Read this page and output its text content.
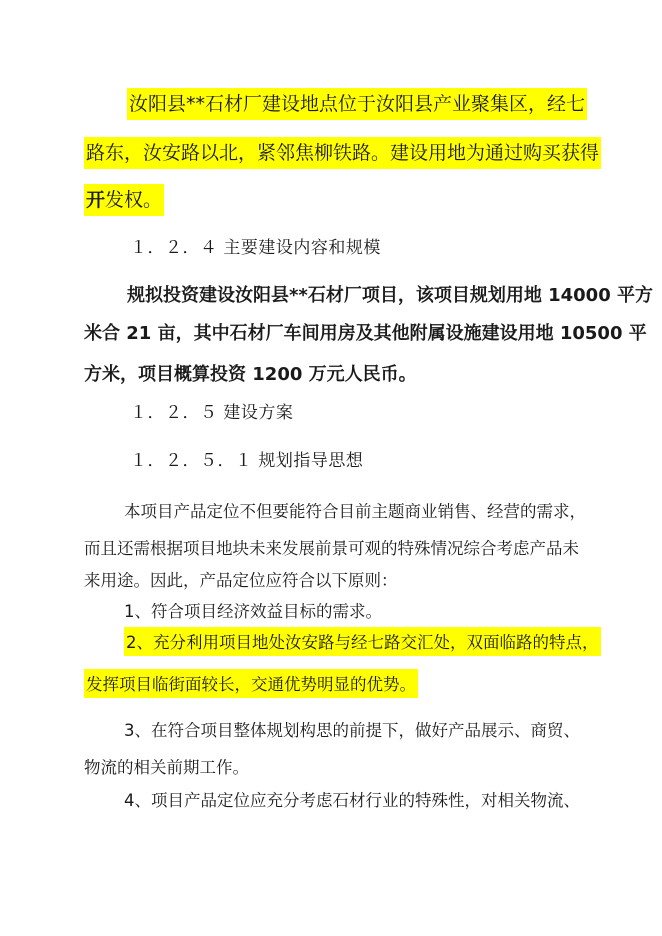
汝阳县**石材厂建设地点位于汝阳县产业聚集区，经七
路东，汝安路以北，紧邻焦柳铁路。建设用地为通过购买获得
开发权。
１．２．４ 主要建设内容和规模
规拟投资建设汝阳县**石材厂项目，该项目规划用地 14000 平方
米合 21 亩，其中石材厂车间用房及其他附属设施建设用地 10500 平
方米，项目概算投资 1200 万元人民币。
１．２．５ 建设方案
１．２．５．１ 规划指导思想
本项目产品定位不但要能符合目前主题商业销售、经营的需求，
而且还需根据项目地块未来发展前景可观的特殊情况综合考虑产品未
来用途。因此，产品定位应符合以下原则：
1、符合项目经济效益目标的需求。
2、充分利用项目地处汝安路与经七路交汇处，双面临路的特点，
发挥项目临街面较长，交通优势明显的优势。
3、在符合项目整体规划构思的前提下，做好产品展示、商贸、
物流的相关前期工作。
4、项目产品定位应充分考虑石材行业的特殊性，对相关物流、
